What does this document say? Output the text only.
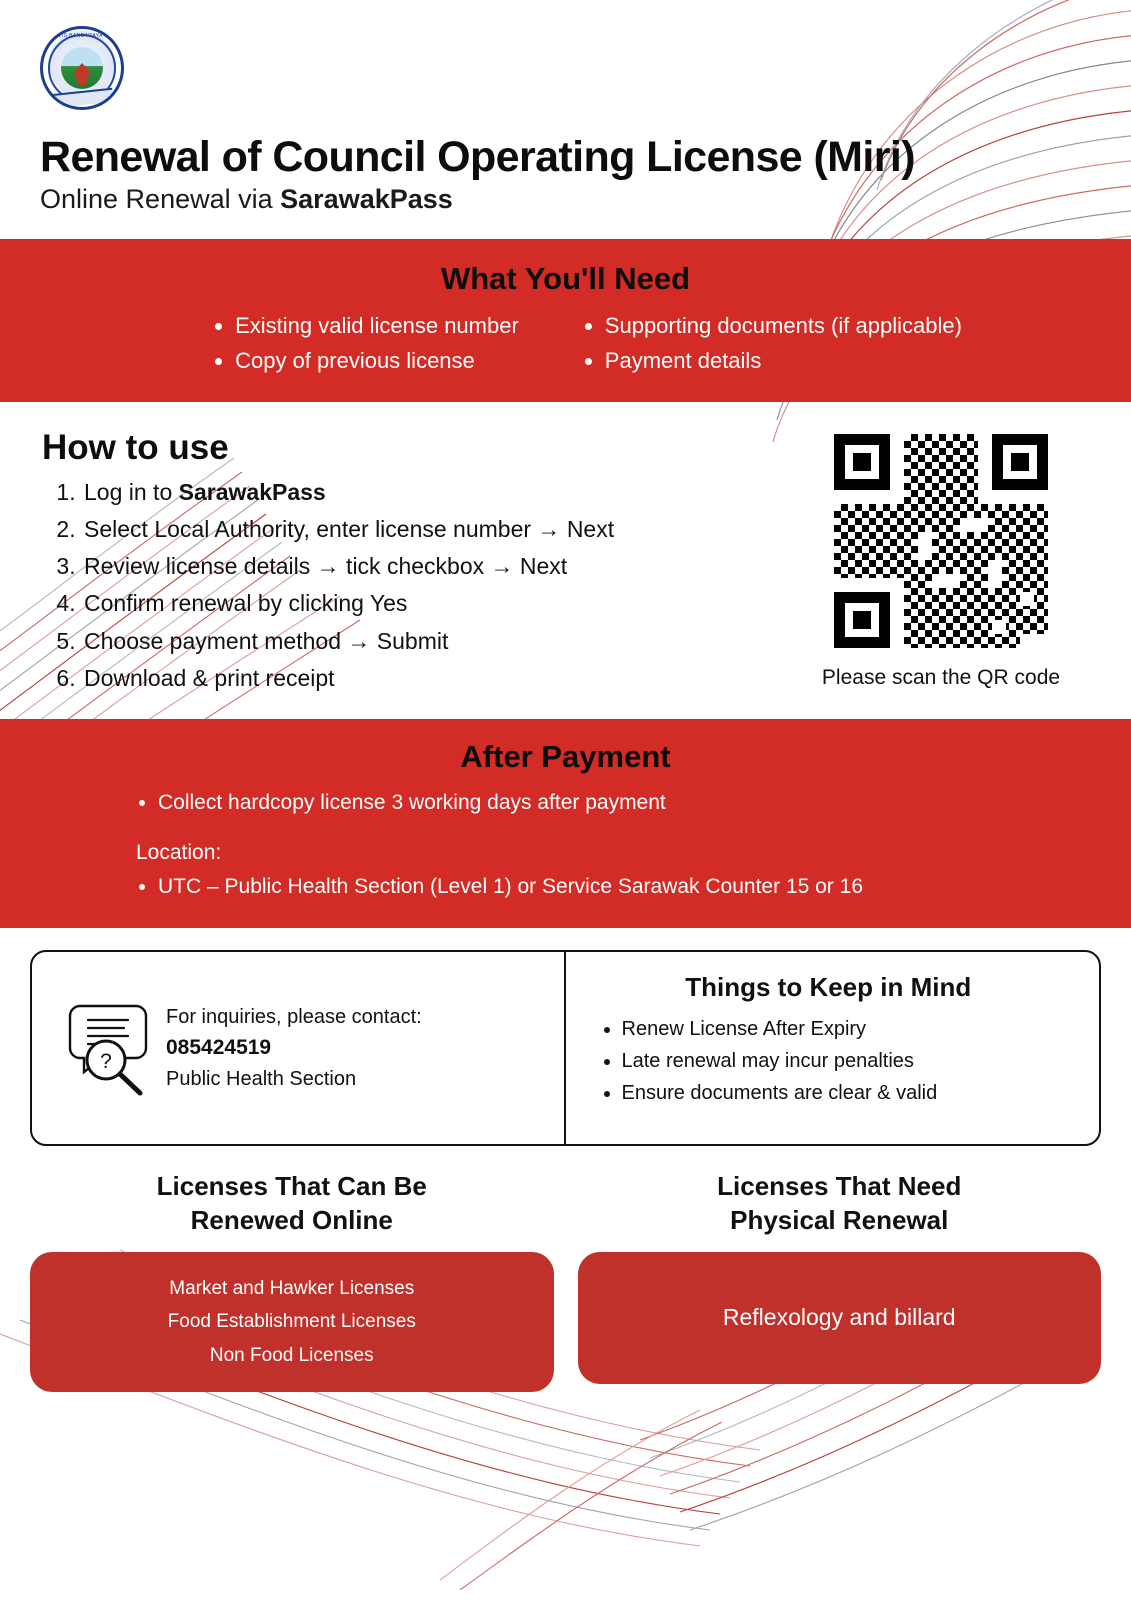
MAJLIS BANDARAYA MIRI
Renewal of Council Operating License (Miri)

Online Renewal via SarawakPass

What You'll Need
• Existing valid license number
• Copy of previous license
• Supporting documents (if applicable)
• Payment details
How to use
1. Log in to SarawakPass
2. Select Local Authority, enter license number → Next
3. Review license details → tick checkbox → Next
4. Confirm renewal by clicking Yes
5. Choose payment method → Submit
6. Download & print receipt	Please scan the QR code
After Payment
• Collect hardcopy license 3 working days after payment
Location:
• UTC – Public Health Section (Level 1) or Service Sarawak Counter 15 or 16
?
For inquiries, please contact:
085424519
Public Health Section
Things to Keep in Mind
• Renew License After Expiry
• Late renewal may incur penalties
• Ensure documents are clear & valid
Licenses That Can Be
Renewed Online
Market and Hawker Licenses
Food Establishment Licenses
Non Food Licenses
Licenses That Need
Physical Renewal
Reflexology and billard
